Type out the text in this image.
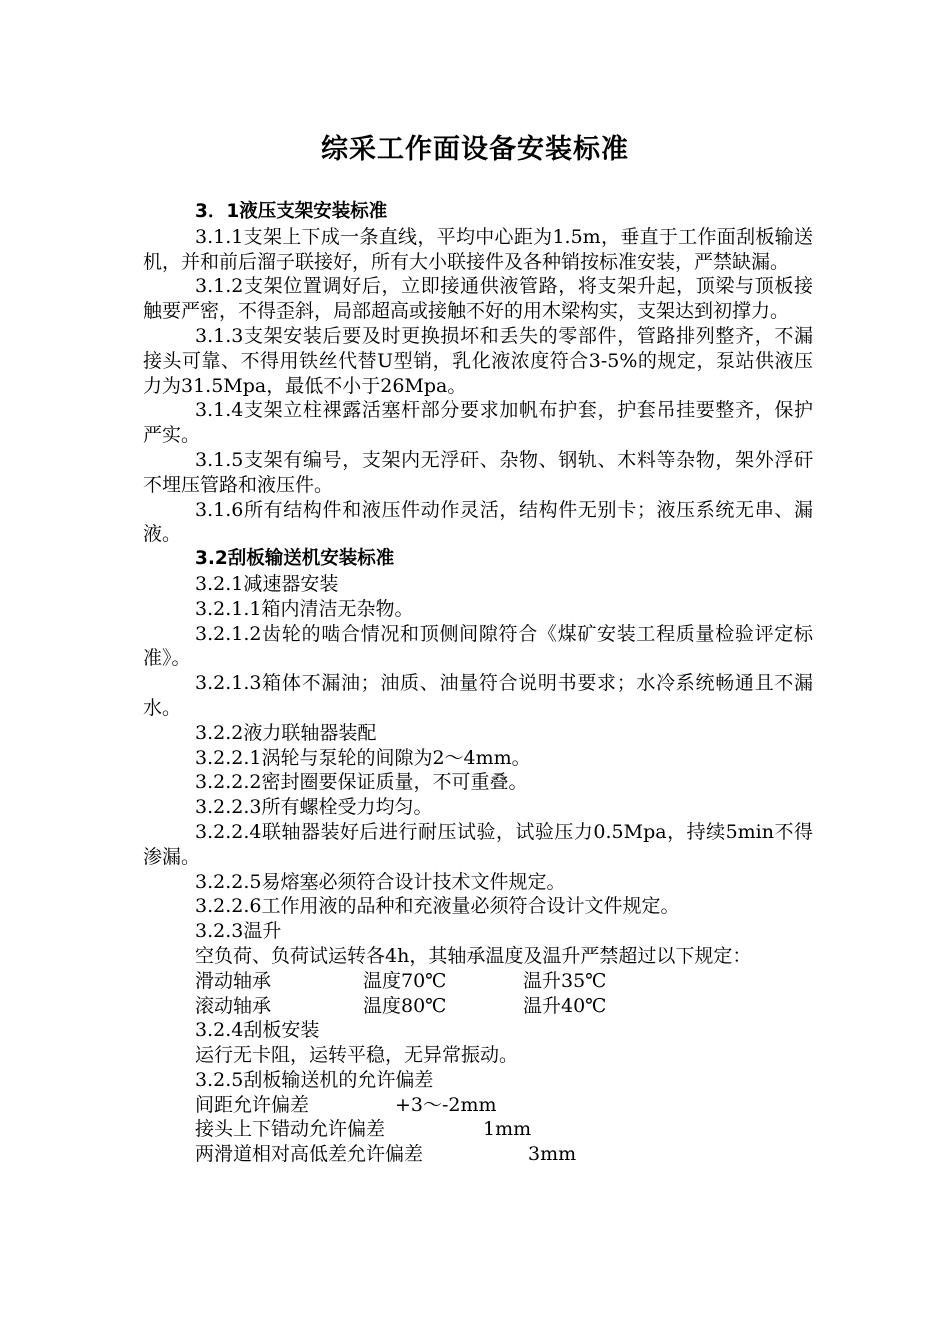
综采工作面设备安装标准

3．1液压支架安装标准

3.1.1支架上下成一条直线，平均中心距为1.5m，垂直于工作面刮板输送机，并和前后溜子联接好，所有大小联接件及各种销按标准安装，严禁缺漏。

3.1.2支架位置调好后，立即接通供液管路，将支架升起，顶梁与顶板接触要严密，不得歪斜，局部超高或接触不好的用木梁构实，支架达到初撑力。

3.1.3支架安装后要及时更换损坏和丢失的零部件，管路排列整齐，不漏接头可靠、不得用铁丝代替U型销，乳化液浓度符合3-5%的规定，泵站供液压力为31.5Mpa，最低不小于26Mpa。

3.1.4支架立柱裸露活塞杆部分要求加帆布护套，护套吊挂要整齐，保护严实。

3.1.5支架有编号，支架内无浮矸、杂物、钢轨、木料等杂物，架外浮矸不埋压管路和液压件。

3.1.6所有结构件和液压件动作灵活，结构件无别卡；液压系统无串、漏液。

3.2刮板输送机安装标准

3.2.1减速器安装

3.2.1.1箱内清洁无杂物。

3.2.1.2齿轮的啮合情况和顶侧间隙符合《煤矿安装工程质量检验评定标准》。

3.2.1.3箱体不漏油；油质、油量符合说明书要求；水冷系统畅通且不漏水。

3.2.2液力联轴器装配

3.2.2.1涡轮与泵轮的间隙为2～4mm。

3.2.2.2密封圈要保证质量，不可重叠。

3.2.2.3所有螺栓受力均匀。

3.2.2.4联轴器装好后进行耐压试验，试验压力0.5Mpa，持续5min不得渗漏。

3.2.2.5易熔塞必须符合设计技术文件规定。

3.2.2.6工作用液的品种和充液量必须符合设计文件规定。

3.2.3温升

空负荷、负荷试运转各4h，其轴承温度及温升严禁超过以下规定：

滑动轴承	温度70℃	温升35℃
滚动轴承	温度80℃	温升40℃

3.2.4刮板安装

运行无卡阻，运转平稳，无异常振动。

3.2.5刮板输送机的允许偏差

间距允许偏差	+3～-2mm
接头上下错动允许偏差	1mm
两滑道相对高低差允许偏差	3mm
